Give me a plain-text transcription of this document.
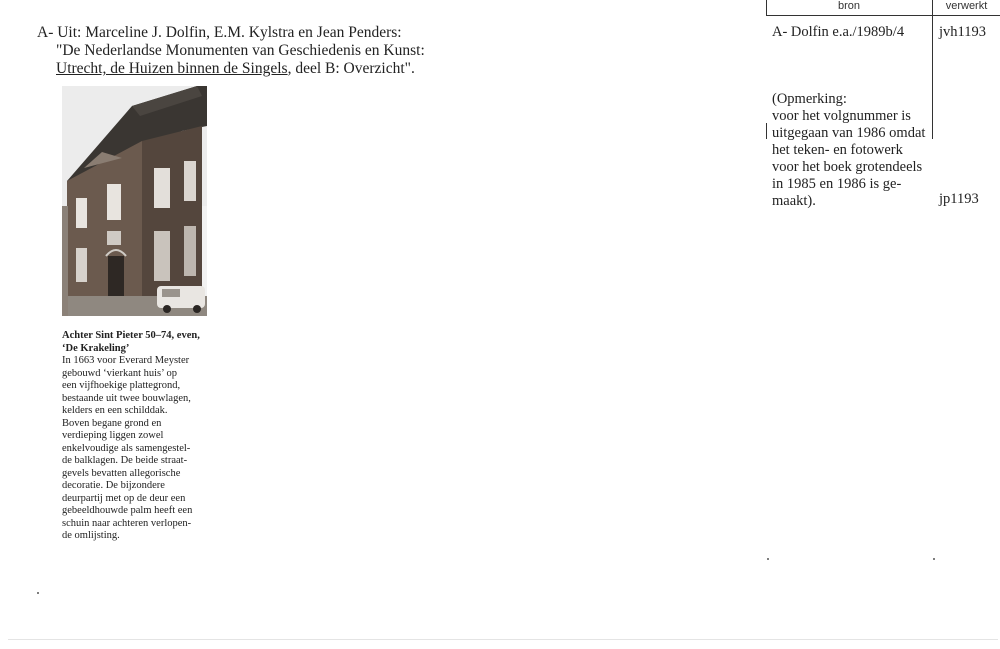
A- Uit: Marceline J. Dolfin, E.M. Kylstra en Jean Penders:
"De Nederlandse Monumenten van Geschiedenis en Kunst:
Utrecht, de Huizen binnen de Singels, deel B: Overzicht".

Achter Sint Pieter 50–74, even,

‘De Krakeling’

In 1663 voor Everard Meyster

gebouwd ‘vierkant huis’ op

een vijfhoekige plattegrond,

bestaande uit twee bouwlagen,

kelders en een schilddak.

Boven begane grond en

verdieping liggen zowel

enkelvoudige als samengestel-

de balklagen. De beide straat-

gevels bevatten allegorische

decoratie. De bijzondere

deurpartij met op de deur een

gebeeldhouwde palm heeft een

schuin naar achteren verlopen-

de omlijsting.

bron	verwerkt
A- Dolfin e.a./1989b/4 jvh1193
(Opmerking:
voor het volgnummer is
uitgegaan van 1986 omdat
het teken- en fotowerk
voor het boek grotendeels
in 1985 en 1986 is ge-
maakt).	jp1193
